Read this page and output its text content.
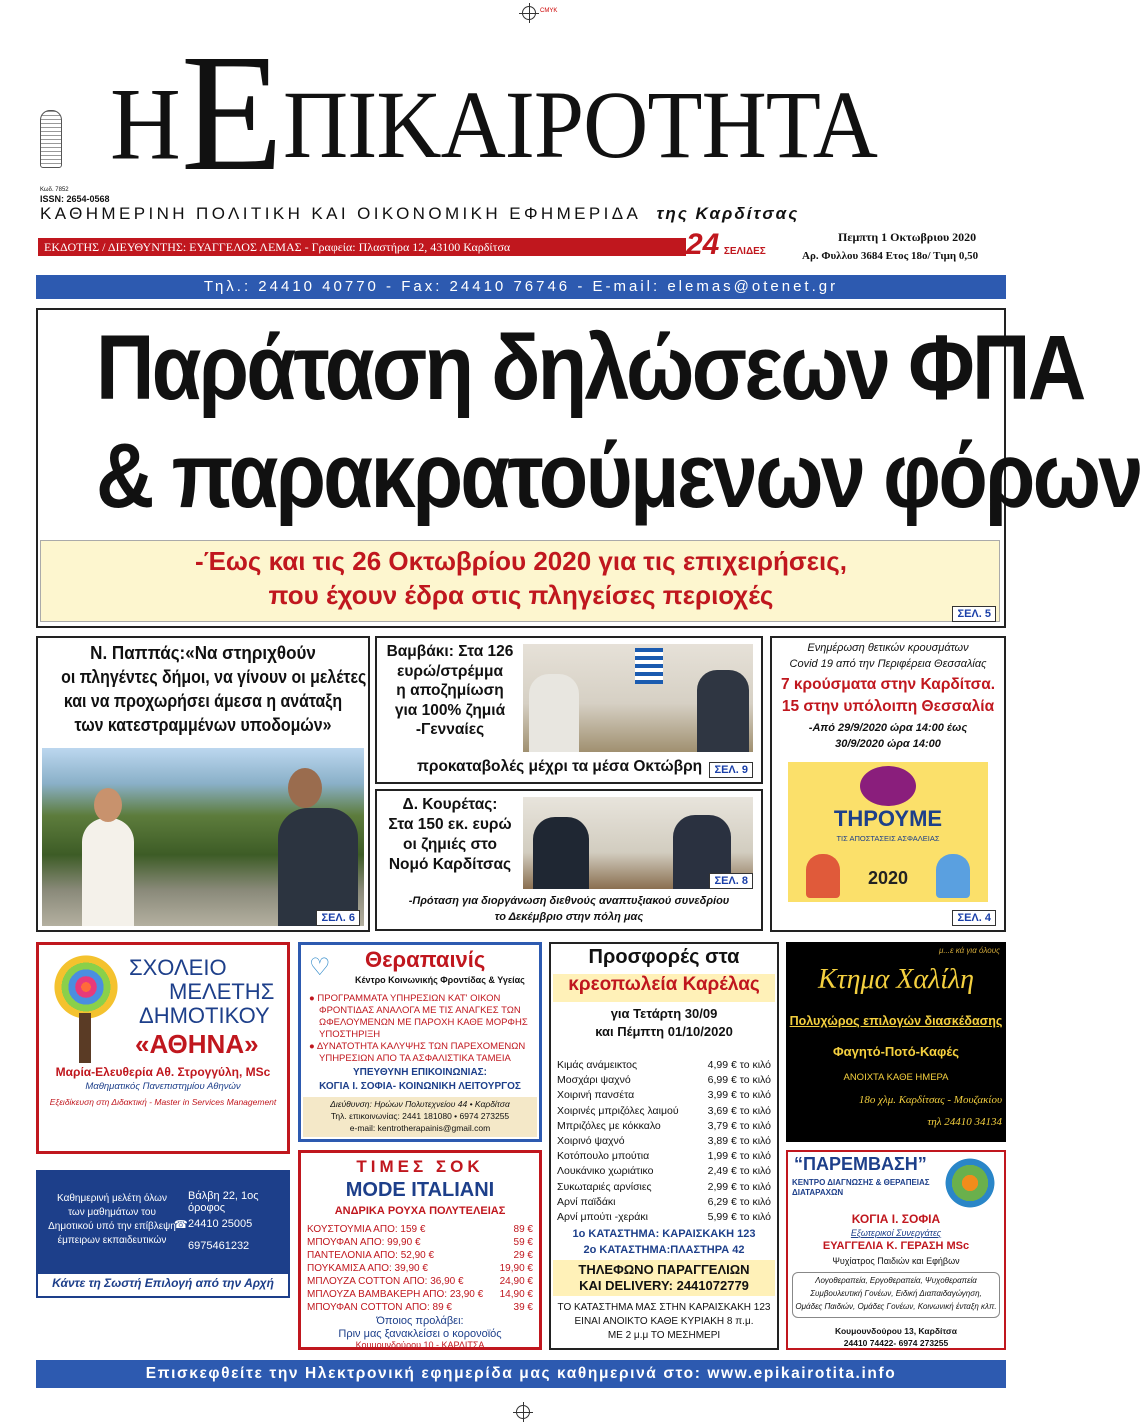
CMYK
HEΠΙΚΑΙΡΟΤΗΤΑ
Κωδ. 7852
ISSN: 2654-0568
ΚΑΘΗΜΕΡΙΝΗ ΠΟΛΙΤΙΚΗ ΚΑΙ ΟΙΚΟΝΟΜΙΚΗ ΕΦΗΜΕΡΙΔΑ της Καρδίτσας
ΕΚΔΟΤΗΣ / ΔΙΕΥΘΥΝΤΗΣ: ΕΥΑΓΓΕΛΟΣ ΛΕΜΑΣ - Γραφεία: Πλαστήρα 12, 43100 Καρδίτσα	24 ΣΕΛΙΔΕΣ
Πεμπτη 1 Οκτωβριου 2020
Αρ. Φυλλου 3684 Ετος 18ο/ Τιμη 0,50
Τηλ.: 24410 40770 - Fax: 24410 76746 - E-mail: elemas@otenet.gr
Παράταση δηλώσεων ΦΠΑ
& παρακρατούμενων φόρων
-Έως και τις 26 Οκτωβρίου 2020 για τις επιχειρήσεις,
που έχουν έδρα στις πληγείσες περιοχές
ΣΕΛ. 5
Ν. Παππάς:«Να στηριχθούν
οι πληγέντες δήμοι, να γίνουν οι μελέτες
και να προχωρήσει άμεσα η ανάταξη
των κατεστραμμένων υποδομών»
ΣΕΛ. 6
Βαμβάκι: Στα 126
ευρώ/στρέμμα
η αποζημίωση
για 100% ζημιά
-Γενναίες
προκαταβολές μέχρι τα μέσα Οκτώβρη	ΣΕΛ. 9
Δ. Κουρέτας:
Στα 150 εκ. ευρώ
οι ζημιές στο
Νομό Καρδίτσας
ΣΕΛ. 8
-Πρόταση για διοργάνωση διεθνούς αναπτυξιακού συνεδρίου
το Δεκέμβριο στην πόλη μας
Ενημέρωση θετικών κρουσμάτων
Covid 19 από την Περιφέρεια Θεσσαλίας
7 κρούσματα στην Καρδίτσα.
15 στην υπόλοιπη Θεσσαλία
-Από 29/9/2020 ώρα 14:00 έως
30/9/2020 ώρα 14:00
ΤΗΡΟΥΜΕ
ΤΙΣ ΑΠΟΣΤΑΣΕΙΣ ΑΣΦΑΛΕΙΑΣ
2020
ΣΕΛ. 4
ΣΧΟΛΕΙΟ
ΜΕΛΕΤΗΣ
ΔΗΜΟΤΙΚΟΥ
«ΑΘΗΝΑ»
Μαρία-Ελευθερία Αθ. Στρογγύλη, MSc
Μαθηματικός Πανεπιστημίου Αθηνών
Εξειδίκευση στη Διδακτική - Master in Services Management
Καθημερινή μελέτη όλων
των μαθημάτων του
Δημοτικού υπό την επίβλεψη
έμπειρων εκπαιδευτικών
Βάλβη 22, 1ος όροφος
☎ 24410 25005
6975461232
Κάντε τη Σωστή Επιλογή από την Αρχή
♡ Θεραπαινίς
Κέντρο Κοινωνικής Φροντίδας & Υγείας
● ΠΡΟΓΡΑΜΜΑΤΑ ΥΠΗΡΕΣΙΩΝ ΚΑΤ' ΟΙΚΟΝ ΦΡΟΝΤΙΔΑΣ ΑΝΑΛΟΓΑ ΜΕ ΤΙΣ ΑΝΑΓΚΕΣ ΤΩΝ ΩΦΕΛΟΥΜΕΝΩΝ ΜΕ ΠΑΡΟΧΗ ΚΑΘΕ ΜΟΡΦΗΣ ΥΠΟΣΤΗΡΙΞΗ
● ΔΥΝΑΤΟΤΗΤΑ ΚΑΛΥΨΗΣ ΤΩΝ ΠΑΡΕΧΟΜΕΝΩΝ ΥΠΗΡΕΣΙΩΝ ΑΠΟ ΤΑ ΑΣΦΑΛΙΣΤΙΚΑ ΤΑΜΕΙΑ
ΥΠΕΥΘΥΝΗ ΕΠΙΚΟΙΝΩΝΙΑΣ:
ΚΟΓΙΑ Ι. ΣΟΦΙΑ- ΚΟΙΝΩΝΙΚΗ ΛΕΙΤΟΥΡΓΟΣ
Διεύθυνση: Ηρώων Πολυτεχνείου 44 • Καρδίτσα
Τηλ. επικοινωνίας: 2441 181080 • 6974 273255
e-mail: kentrotherapainis@gmail.com
ΤΙΜΕΣ ΣΟΚ
MODE ITALIANI
ΑΝΔΡΙΚΑ ΡΟΥΧΑ ΠΟΛΥΤΕΛΕΙΑΣ
ΚΟΥΣΤΟΥΜΙΑ ΑΠΟ: 159 €	89 €
ΜΠΟΥΦΑΝ ΑΠΟ: 99,90 €	59 €
ΠΑΝΤΕΛΟΝΙΑ ΑΠΟ: 52,90 €	29 €
ΠΟΥΚΑΜΙΣΑ ΑΠΟ: 39,90 €	19,90 €
ΜΠΛΟΥΖΑ COTTON ΑΠΟ: 36,90 €	24,90 €
ΜΠΛΟΥΖΑ ΒΑΜΒΑΚΕΡΗ ΑΠΟ: 23,90 € 14,90 €
ΜΠΟΥΦΑΝ COTTON ΑΠΟ: 89 €	39 €
Όποιος προλάβει:
Πριν μας ξανακλείσει ο κορονοϊός
Κουμουνδούρου 10 - ΚΑΡΔΙΤΣΑ
Προσφορές στα
κρεοπωλεία Καρέλας
για Τετάρτη 30/09
και Πέμπτη 01/10/2020
Κιμάς ανάμεικτος	4,99 € το κιλό
Μοσχάρι ψαχνό	6,99 € το κιλό
Χοιρινή πανσέτα	3,99 € το κιλό
Χοιρινές μπριζόλες λαιμού	3,69 € το κιλό
Μπριζόλες με κόκκαλο	3,79 € το κιλό
Χοιρινό ψαχνό	3,89 € το κιλό
Κοτόπουλο μπούτια	1,99 € το κιλό
Λουκάνικο χωριάτικο	2,49 € το κιλό
Συκωταριές αρνίσιες	2,99 € το κιλό
Αρνί παϊδάκι	6,29 € το κιλό
Αρνί μπούτι -χεράκι	5,99 € το κιλό
1ο ΚΑΤΑΣΤΗΜΑ: ΚΑΡΑΙΣΚΑΚΗ 123
2ο ΚΑΤΑΣΤΗΜΑ:ΠΛΑΣΤΗΡΑ 42
ΤΗΛΕΦΩΝΟ ΠΑΡΑΓΓΕΛΙΩΝ
ΚΑΙ DELIVERY: 2441072779
ΤΟ ΚΑΤΑΣΤΗΜΑ ΜΑΣ ΣΤΗΝ ΚΑΡΑΙΣΚΑΚΗ 123
ΕΙΝΑΙ ΑΝΟΙΚΤΟ ΚΑΘΕ ΚΥΡΙΑΚΗ 8 π.μ.
ΜΕ 2 μ.μ ΤΟ ΜΕΣΗΜΕΡΙ
μ...ε κά για όλους
Κτημα Χαλίλη
Πολυχώρος επιλογών διασκέδασης
Φαγητό-Ποτό-Καφές
ΑΝΟΙΧΤΑ ΚΑΘΕ ΗΜΕΡΑ
18ο χλμ. Καρδίτσας - Μουζακίου
τηλ 24410 34134
“ΠΑΡΕΜΒΑΣΗ”
ΚΕΝΤΡΟ ΔΙΑΓΝΩΣΗΣ & ΘΕΡΑΠΕΙΑΣ ΔΙΑΤΑΡΑΧΩΝ
ΚΟΓΙΑ Ι. ΣΟΦΙΑ
Εξωτερικοί Συνεργάτες
ΕΥΑΓΓΕΛΙΑ Κ. ΓΕΡΑΣΗ MSc
Ψυχίατρος Παιδιών και Εφήβων
Λογοθεραπεία, Εργοθεραπεία, Ψυχοθεραπεία
Συμβουλευτική Γονέων, Ειδική Διαπαιδαγώγηση,
Ομάδες Παιδιών, Ομάδες Γονέων, Κοινωνική ένταξη κλπ.
Κουμουνδούρου 13, Καρδίτσα
24410 74422- 6974 273255
Επισκεφθείτε την Ηλεκτρονική εφημερίδα μας καθημερινά στο: www.epikairotita.info
